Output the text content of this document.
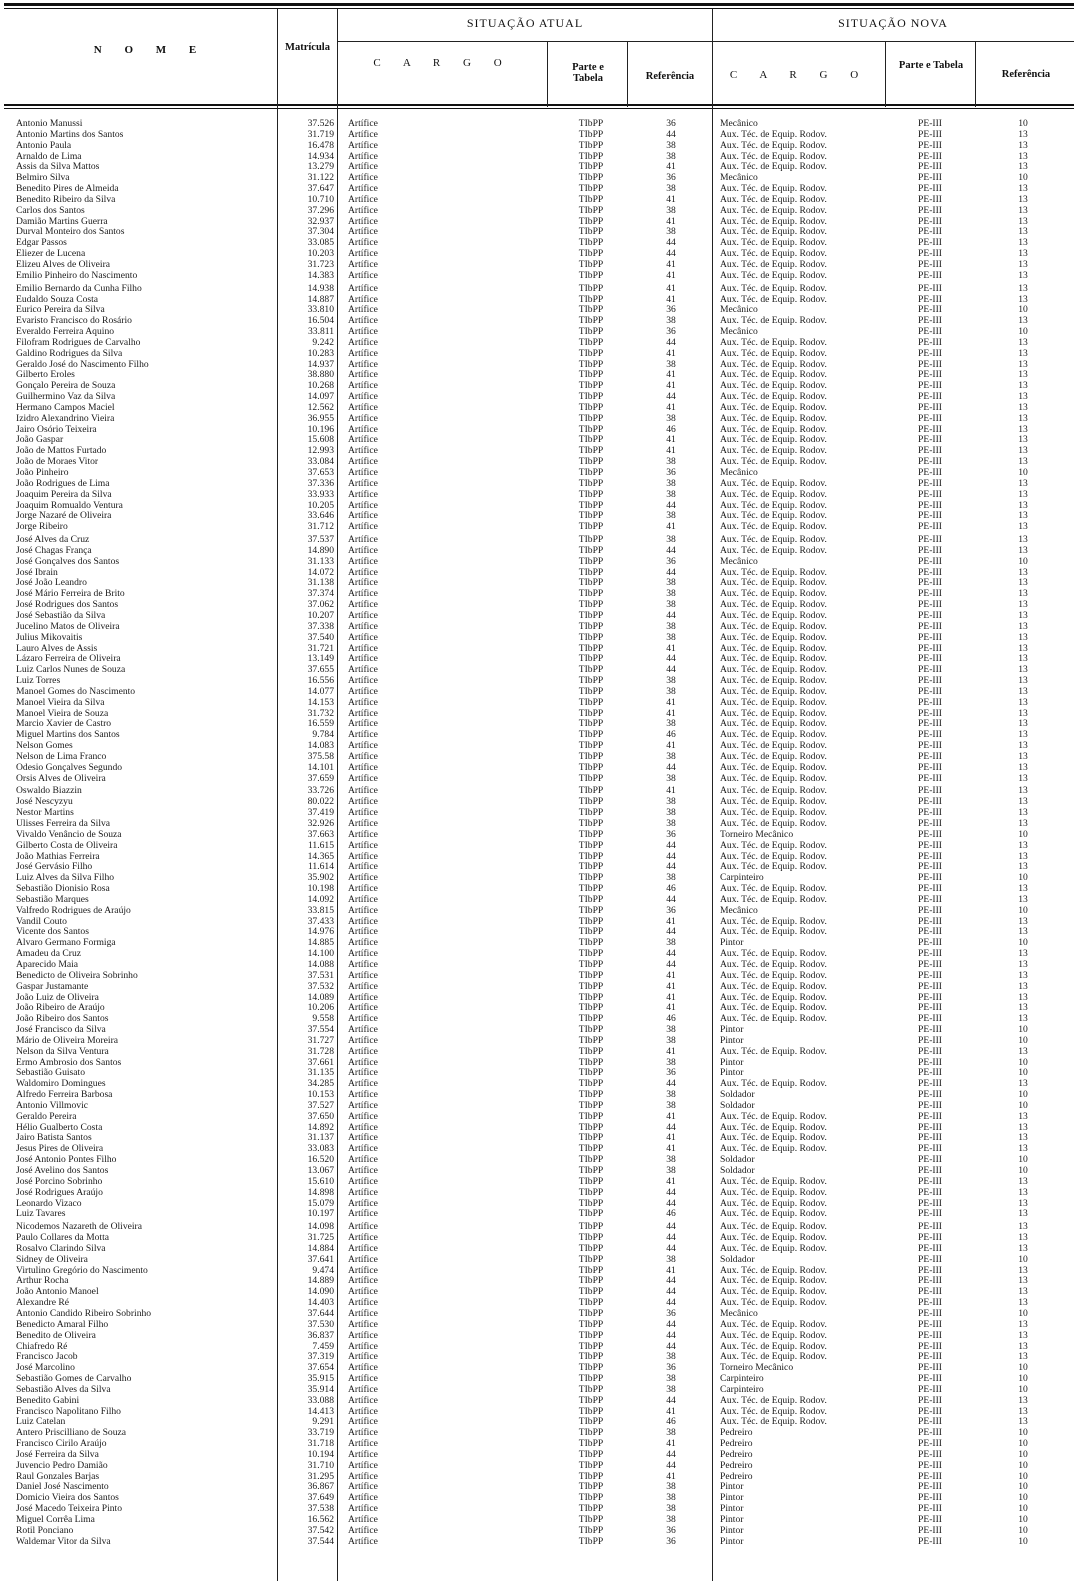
N O M E	Matrícula
SITUAÇÃO ATUAL	SITUAÇÃO NOVA
C A R G O	Parte e Tabela	Referência	C A R G O
Parte e Tabela
Referência
Antonio Manussi	37.526 Artífice	TIbPP	36	Mecânico	PE-III	10
Antonio Martins dos Santos	31.719 Artífice	TIbPP	44	Aux. Téc. de Equip. Rodov.	PE-III	13
Antonio Paula	16.478 Artífice	TIbPP	38	Aux. Téc. de Equip. Rodov.	PE-III	13
Arnaldo de Lima	14.934 Artífice	TIbPP	38	Aux. Téc. de Equip. Rodov.	PE-III	13
Assis da Silva Mattos	13.279 Artífice	TIbPP	41	Aux. Téc. de Equip. Rodov.	PE-III	13
Belmiro Silva	31.122 Artífice	TIbPP	36	Mecânico	PE-III	10
Benedito Pires de Almeida	37.647 Artífice	TIbPP	38	Aux. Téc. de Equip. Rodov.	PE-III	13
Benedito Ribeiro da Silva	10.710 Artífice	TIbPP	41	Aux. Téc. de Equip. Rodov.	PE-III	13
Carlos dos Santos	37.296 Artífice	TIbPP	38	Aux. Téc. de Equip. Rodov.	PE-III	13
Damião Martins Guerra	32.937 Artífice	TIbPP	41	Aux. Téc. de Equip. Rodov.	PE-III	13
Durval Monteiro dos Santos	37.304 Artífice	TIbPP	38	Aux. Téc. de Equip. Rodov.	PE-III	13
Edgar Passos	33.085 Artífice	TIbPP	44	Aux. Téc. de Equip. Rodov.	PE-III	13
Eliezer de Lucena	10.203 Artífice	TIbPP	44	Aux. Téc. de Equip. Rodov.	PE-III	13
Elizeu Alves de Oliveira	31.723 Artífice	TIbPP	41	Aux. Téc. de Equip. Rodov.	PE-III	13
Emilio Pinheiro do Nascimento	14.383 Artífice	TIbPP	41	Aux. Téc. de Equip. Rodov.	PE-III	13
Emilio Bernardo da Cunha Filho	14.938 Artífice	TIbPP	41	Aux. Téc. de Equip. Rodov.	PE-III	13
Eudaldo Souza Costa	14.887 Artífice	TIbPP	41	Aux. Téc. de Equip. Rodov.	PE-III	13
Eurico Pereira da Silva	33.810 Artífice	TIbPP	36	Mecânico	PE-III	10
Evaristo Francisco do Rosário	16.504 Artífice	TIbPP	38	Aux. Téc. de Equip. Rodov.	PE-III	13
Everaldo Ferreira Aquino	33.811 Artífice	TIbPP	36	Mecânico	PE-III	10
Filofram Rodrigues de Carvalho	9.242 Artífice	TIbPP	44	Aux. Téc. de Equip. Rodov.	PE-III	13
Galdino Rodrigues da Silva	10.283 Artífice	TIbPP	41	Aux. Téc. de Equip. Rodov.	PE-III	13
Geraldo José do Nascimento Filho	14.937 Artífice	TIbPP	38	Aux. Téc. de Equip. Rodov.	PE-III	13
Gilberto Eroles	38.880 Artífice	TIbPP	41	Aux. Téc. de Equip. Rodov.	PE-III	13
Gonçalo Pereira de Souza	10.268 Artífice	TIbPP	41	Aux. Téc. de Equip. Rodov.	PE-III	13
Guilhermino Vaz da Silva	14.097 Artífice	TIbPP	44	Aux. Téc. de Equip. Rodov.	PE-III	13
Hermano Campos Maciel	12.562 Artífice	TIbPP	41	Aux. Téc. de Equip. Rodov.	PE-III	13
Izidro Alexandrino Vieira	36.955 Artífice	TIbPP	38	Aux. Téc. de Equip. Rodov.	PE-III	13
Jairo Osório Teixeira	10.196 Artífice	TIbPP	46	Aux. Téc. de Equip. Rodov.	PE-III	13
João Gaspar	15.608 Artífice	TIbPP	41	Aux. Téc. de Equip. Rodov.	PE-III	13
João de Mattos Furtado	12.993 Artífice	TIbPP	41	Aux. Téc. de Equip. Rodov.	PE-III	13
João de Moraes Vitor	33.084 Artífice	TIbPP	38	Aux. Téc. de Equip. Rodov.	PE-III	13
João Pinheiro	37.653 Artífice	TIbPP	36	Mecânico	PE-III	10
João Rodrigues de Lima	37.336 Artífice	TIbPP	38	Aux. Téc. de Equip. Rodov.	PE-III	13
Joaquim Pereira da Silva	33.933 Artífice	TIbPP	38	Aux. Téc. de Equip. Rodov.	PE-III	13
Joaquim Romualdo Ventura	10.205 Artífice	TIbPP	44	Aux. Téc. de Equip. Rodov.	PE-III	13
Jorge Nazaré de Oliveira	33.646 Artífice	TIbPP	38	Aux. Téc. de Equip. Rodov.	PE-III	13
Jorge Ribeiro	31.712 Artífice	TIbPP	41	Aux. Téc. de Equip. Rodov.	PE-III	13
José Alves da Cruz	37.537 Artífice	TIbPP	38	Aux. Téc. de Equip. Rodov.	PE-III	13
José Chagas França	14.890 Artífice	TIbPP	44	Aux. Téc. de Equip. Rodov.	PE-III	13
José Gonçalves dos Santos	31.133 Artífice	TIbPP	36	Mecânico	PE-III	10
José Ibrain	14.072 Artífice	TIbPP	44	Aux. Téc. de Equip. Rodov.	PE-III	13
José João Leandro	31.138 Artífice	TIbPP	38	Aux. Téc. de Equip. Rodov.	PE-III	13
José Mário Ferreira de Brito	37.374 Artífice	TIbPP	38	Aux. Téc. de Equip. Rodov.	PE-III	13
José Rodrigues dos Santos	37.062 Artífice	TIbPP	38	Aux. Téc. de Equip. Rodov.	PE-III	13
José Sebastião da Silva	10.207 Artífice	TIbPP	44	Aux. Téc. de Equip. Rodov.	PE-III	13
Jucelino Matos de Oliveira	37.338 Artífice	TIbPP	38	Aux. Téc. de Equip. Rodov.	PE-III	13
Julius Mikovaitis	37.540 Artífice	TIbPP	38	Aux. Téc. de Equip. Rodov.	PE-III	13
Lauro Alves de Assis	31.721 Artífice	TIbPP	41	Aux. Téc. de Equip. Rodov.	PE-III	13
Lázaro Ferreira de Oliveira	13.149 Artífice	TIbPP	44	Aux. Téc. de Equip. Rodov.	PE-III	13
Luiz Carlos Nunes de Souza	37.655 Artífice	TIbPP	44	Aux. Téc. de Equip. Rodov.	PE-III	13
Luiz Torres	16.556 Artífice	TIbPP	38	Aux. Téc. de Equip. Rodov.	PE-III	13
Manoel Gomes do Nascimento	14.077 Artífice	TIbPP	38	Aux. Téc. de Equip. Rodov.	PE-III	13
Manoel Vieira da Silva	14.153 Artífice	TIbPP	41	Aux. Téc. de Equip. Rodov.	PE-III	13
Manoel Vieira de Souza	31.732 Artífice	TIbPP	41	Aux. Téc. de Equip. Rodov.	PE-III	13
Marcio Xavier de Castro	16.559 Artífice	TIbPP	38	Aux. Téc. de Equip. Rodov.	PE-III	13
Miguel Martins dos Santos	9.784 Artífice	TIbPP	46	Aux. Téc. de Equip. Rodov.	PE-III	13
Nelson Gomes	14.083 Artífice	TIbPP	41	Aux. Téc. de Equip. Rodov.	PE-III	13
Nelson de Lima Franco	375.58 Artífice	TIbPP	38	Aux. Téc. de Equip. Rodov.	PE-III	13
Odesio Gonçalves Segundo	14.101 Artífice	TIbPP	44	Aux. Téc. de Equip. Rodov.	PE-III	13
Orsis Alves de Oliveira	37.659 Artífice	TIbPP	38	Aux. Téc. de Equip. Rodov.	PE-III	13
Oswaldo Biazzin	33.726 Artífice	TIbPP	41	Aux. Téc. de Equip. Rodov.	PE-III	13
José Nescyzyu	80.022 Artífice	TIbPP	38	Aux. Téc. de Equip. Rodov.	PE-III	13
Nestor Martins	37.419 Artífice	TIbPP	38	Aux. Téc. de Equip. Rodov.	PE-III	13
Ulisses Ferreira da Silva	32.926 Artífice	TIbPP	38	Aux. Téc. de Equip. Rodov.	PE-III	13
Vivaldo Venâncio de Souza	37.663 Artífice	TIbPP	36	Torneiro Mecânico	PE-III	10
Gilberto Costa de Oliveira	11.615 Artífice	TIbPP	44	Aux. Téc. de Equip. Rodov.	PE-III	13
João Mathias Ferreira	14.365 Artífice	TIbPP	44	Aux. Téc. de Equip. Rodov.	PE-III	13
José Gervásio Filho	11.614 Artífice	TIbPP	44	Aux. Téc. de Equip. Rodov.	PE-III	13
Luiz Alves da Silva Filho	35.902 Artífice	TIbPP	38	Carpinteiro	PE-III	10
Sebastião Dionisio Rosa	10.198 Artífice	TIbPP	46	Aux. Téc. de Equip. Rodov.	PE-III	13
Sebastião Marques	14.092 Artífice	TIbPP	44	Aux. Téc. de Equip. Rodov.	PE-III	13
Valfredo Rodrigues de Araújo	33.815 Artífice	TIbPP	36	Mecânico	PE-III	10
Vandil Couto	37.433 Artífice	TIbPP	41	Aux. Téc. de Equip. Rodov.	PE-III	13
Vicente dos Santos	14.976 Artífice	TIbPP	44	Aux. Téc. de Equip. Rodov.	PE-III	13
Alvaro Germano Formiga	14.885 Artífice	TIbPP	38	Pintor	PE-III	10
Amadeu da Cruz	14.100 Artífice	TIbPP	44	Aux. Téc. de Equip. Rodov.	PE-III	13
Aparecido Maia	14.088 Artífice	TIbPP	44	Aux. Téc. de Equip. Rodov.	PE-III	13
Benedicto de Oliveira Sobrinho	37.531 Artífice	TIbPP	41	Aux. Téc. de Equip. Rodov.	PE-III	13
Gaspar Justamante	37.532 Artífice	TIbPP	41	Aux. Téc. de Equip. Rodov.	PE-III	13
João Luiz de Oliveira	14.089 Artífice	TIbPP	41	Aux. Téc. de Equip. Rodov.	PE-III	13
João Ribeiro de Araújo	10.206 Artífice	TIbPP	41	Aux. Téc. de Equip. Rodov.	PE-III	13
João Ribeiro dos Santos	9.558 Artífice	TIbPP	46	Aux. Téc. de Equip. Rodov.	PE-III	13
José Francisco da Silva	37.554 Artífice	TIbPP	38	Pintor	PE-III	10
Mário de Oliveira Moreira	31.727 Artífice	TIbPP	38	Pintor	PE-III	10
Nelson da Silva Ventura	31.728 Artífice	TIbPP	41	Aux. Téc. de Equip. Rodov.	PE-III	13
Ermo Ambrosio dos Santos	37.661 Artífice	TIbPP	38	Pintor	PE-III	10
Sebastião Guisato	31.135 Artífice	TIbPP	36	Pintor	PE-III	10
Waldomiro Domingues	34.285 Artífice	TIbPP	44	Aux. Téc. de Equip. Rodov.	PE-III	13
Alfredo Ferreira Barbosa	10.153 Artífice	TIbPP	38	Soldador	PE-III	10
Antonio Villmovic	37.527 Artífice	TIbPP	38	Soldador	PE-III	10
Geraldo Pereira	37.650 Artífice	TIbPP	41	Aux. Téc. de Equip. Rodov.	PE-III	13
Hélio Gualberto Costa	14.892 Artífice	TIbPP	44	Aux. Téc. de Equip. Rodov.	PE-III	13
Jairo Batista Santos	31.137 Artífice	TIbPP	41	Aux. Téc. de Equip. Rodov.	PE-III	13
Jesus Pires de Oliveira	33.083 Artífice	TIbPP	41	Aux. Téc. de Equip. Rodov.	PE-III	13
José Antonio Pontes Filho	16.520 Artífice	TIbPP	38	Soldador	PE-III	10
José Avelino dos Santos	13.067 Artífice	TIbPP	38	Soldador	PE-III	10
José Porcino Sobrinho	15.610 Artífice	TIbPP	41	Aux. Téc. de Equip. Rodov.	PE-III	13
José Rodrigues Araújo	14.898 Artífice	TIbPP	44	Aux. Téc. de Equip. Rodov.	PE-III	13
Leonardo Vizaco	15.079 Artífice	TIbPP	44	Aux. Téc. de Equip. Rodov.	PE-III	13
Luiz Tavares	10.197 Artífice	TIbPP	46	Aux. Téc. de Equip. Rodov.	PE-III	13
Nicodemos Nazareth de Oliveira	14.098 Artífice	TIbPP	44	Aux. Téc. de Equip. Rodov.	PE-III	13
Paulo Collares da Motta	31.725 Artífice	TIbPP	44	Aux. Téc. de Equip. Rodov.	PE-III	13
Rosalvo Clarindo Silva	14.884 Artífice	TIbPP	44	Aux. Téc. de Equip. Rodov.	PE-III	13
Sidney de Oliveira	37.641 Artífice	TIbPP	38	Soldador	PE-III	10
Virtulino Gregório do Nascimento	9.474 Artífice	TIbPP	41	Aux. Téc. de Equip. Rodov.	PE-III	13
Arthur Rocha	14.889 Artífice	TIbPP	44	Aux. Téc. de Equip. Rodov.	PE-III	13
João Antonio Manoel	14.090 Artífice	TIbPP	44	Aux. Téc. de Equip. Rodov.	PE-III	13
Alexandre Ré	14.403 Artífice	TIbPP	44	Aux. Téc. de Equip. Rodov.	PE-III	13
Antonio Candido Ribeiro Sobrinho	37.644 Artífice	TIbPP	36	Mecânico	PE-III	10
Benedicto Amaral Filho	37.530 Artífice	TIbPP	44	Aux. Téc. de Equip. Rodov.	PE-III	13
Benedito de Oliveira	36.837 Artífice	TIbPP	44	Aux. Téc. de Equip. Rodov.	PE-III	13
Chiafredo Ré	7.459 Artífice	TIbPP	44	Aux. Téc. de Equip. Rodov.	PE-III	13
Francisco Jacob	37.319 Artífice	TIbPP	38	Aux. Téc. de Equip. Rodov.	PE-III	13
José Marcolino	37.654 Artífice	TIbPP	36	Torneiro Mecânico	PE-III	10
Sebastião Gomes de Carvalho	35.915 Artífice	TIbPP	38	Carpinteiro	PE-III	10
Sebastião Alves da Silva	35.914 Artífice	TIbPP	38	Carpinteiro	PE-III	10
Benedito Gabini	33.088 Artífice	TIbPP	44	Aux. Téc. de Equip. Rodov.	PE-III	13
Francisco Napolitano Filho	14.413 Artífice	TIbPP	41	Aux. Téc. de Equip. Rodov.	PE-III	13
Luiz Catelan	9.291 Artífice	TIbPP	46	Aux. Téc. de Equip. Rodov.	PE-III	13
Antero Priscilliano de Souza	33.719 Artífice	TIbPP	38	Pedreiro	PE-III	10
Francisco Cirilo Araújo	31.718 Artífice	TIbPP	41	Pedreiro	PE-III	10
José Ferreira da Silva	10.194 Artífice	TIbPP	44	Pedreiro	PE-III	10
Juvencio Pedro Damião	31.710 Artífice	TIbPP	44	Pedreiro	PE-III	10
Raul Gonzales Barjas	31.295 Artífice	TIbPP	41	Pedreiro	PE-III	10
Daniel José Nascimento	36.867 Artífice	TIbPP	38	Pintor	PE-III	10
Domicio Vieira dos Santos	37.649 Artífice	TIbPP	38	Pintor	PE-III	10
José Macedo Teixeira Pinto	37.538 Artífice	TIbPP	38	Pintor	PE-III	10
Miguel Corrêa Lima	16.562 Artífice	TIbPP	38	Pintor	PE-III	10
Rotil Ponciano	37.542 Artífice	TIbPP	36	Pintor	PE-III	10
Waldemar Vitor da Silva	37.544 Artífice	TIbPP	36	Pintor	PE-III	10
